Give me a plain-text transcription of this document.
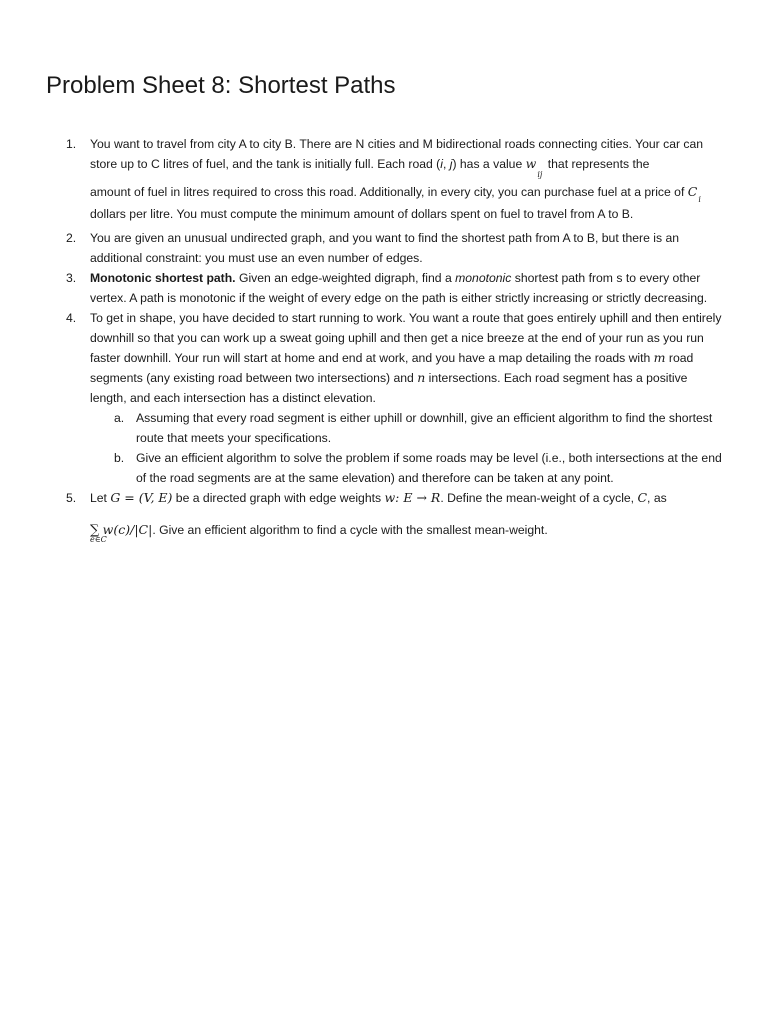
Problem Sheet 8: Shortest Paths
1. You want to travel from city A to city B. There are N cities and M bidirectional roads connecting cities. Your car can store up to C litres of fuel, and the tank is initially full. Each road (i, j) has a value $w_{ij}$ that represents the
amount of fuel in litres required to cross this road. Additionally, in every city, you can purchase fuel at a price of $C_i$ dollars per litre. You must compute the minimum amount of dollars spent on fuel to travel from A to B.
2. You are given an unusual undirected graph, and you want to find the shortest path from A to B, but there is an additional constraint: you must use an even number of edges.
3. Monotonic shortest path. Given an edge-weighted digraph, find a monotonic shortest path from s to every other vertex. A path is monotonic if the weight of every edge on the path is either strictly increasing or strictly decreasing.
4. To get in shape, you have decided to start running to work. You want a route that goes entirely uphill and then entirely downhill so that you can work up a sweat going uphill and then get a nice breeze at the end of your run as you run faster downhill. Your run will start at home and end at work, and you have a map detailing the roads with m road segments (any existing road between two intersections) and n intersections. Each road segment has a positive length, and each intersection has a distinct elevation.
a. Assuming that every road segment is either uphill or downhill, give an efficient algorithm to find the shortest route that meets your specifications.
b. Give an efficient algorithm to solve the problem if some roads may be level (i.e., both intersections at the end of the road segments are at the same elevation) and therefore can be taken at any point.
5. Let G = (V, E) be a directed graph with edge weights w: E → R. Define the mean-weight of a cycle, C, as
∑ w(c)/|C|. Give an efficient algorithm to find a cycle with the smallest mean-weight.
e∈C
